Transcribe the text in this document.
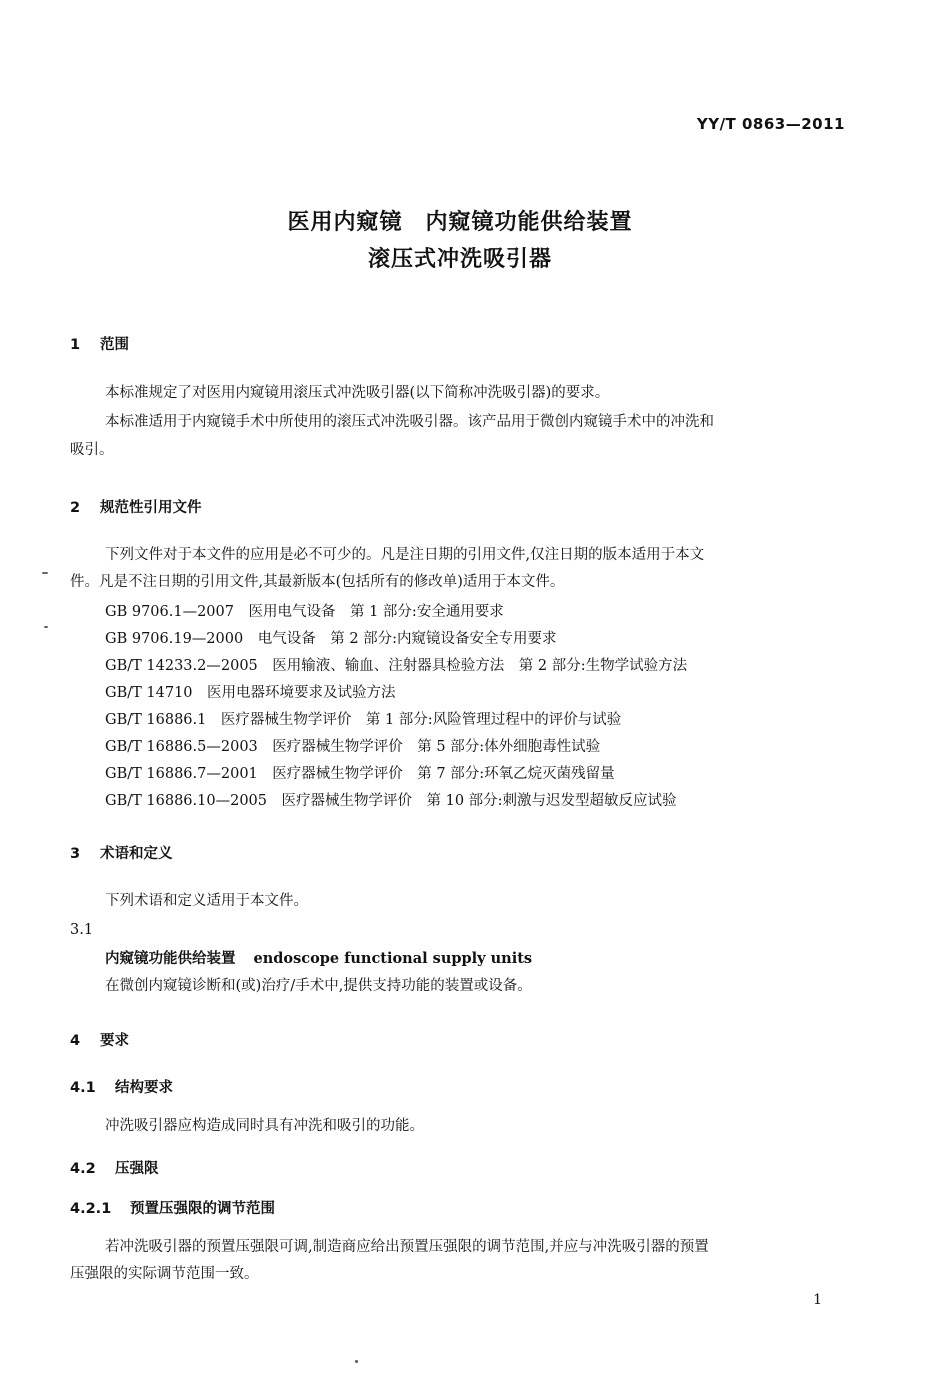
YY/T 0863—2011
医用内窥镜　内窥镜功能供给装置
滚压式冲洗吸引器
1 范围
本标准规定了对医用内窥镜用滚压式冲洗吸引器(以下简称冲洗吸引器)的要求。
本标准适用于内窥镜手术中所使用的滚压式冲洗吸引器。该产品用于微创内窥镜手术中的冲洗和
吸引。
2 规范性引用文件
下列文件对于本文件的应用是必不可少的。凡是注日期的引用文件,仅注日期的版本适用于本文
件。凡是不注日期的引用文件,其最新版本(包括所有的修改单)适用于本文件。
GB 9706.1—2007　医用电气设备　第 1 部分:安全通用要求
GB 9706.19—2000　电气设备　第 2 部分:内窥镜设备安全专用要求
GB/T 14233.2—2005　医用输液、输血、注射器具检验方法　第 2 部分:生物学试验方法
GB/T 14710　医用电器环境要求及试验方法
GB/T 16886.1　医疗器械生物学评价　第 1 部分:风险管理过程中的评价与试验
GB/T 16886.5—2003　医疗器械生物学评价　第 5 部分:体外细胞毒性试验
GB/T 16886.7—2001　医疗器械生物学评价　第 7 部分:环氧乙烷灭菌残留量
GB/T 16886.10—2005　医疗器械生物学评价　第 10 部分:刺激与迟发型超敏反应试验
3 术语和定义
下列术语和定义适用于本文件。
3.1
内窥镜功能供给装置 endoscope functional supply units
在微创内窥镜诊断和(或)治疗/手术中,提供支持功能的装置或设备。
4 要求
4.1 结构要求
冲洗吸引器应构造成同时具有冲洗和吸引的功能。
4.2 压强限
4.2.1 预置压强限的调节范围
若冲洗吸引器的预置压强限可调,制造商应给出预置压强限的调节范围,并应与冲洗吸引器的预置
压强限的实际调节范围一致。
1
